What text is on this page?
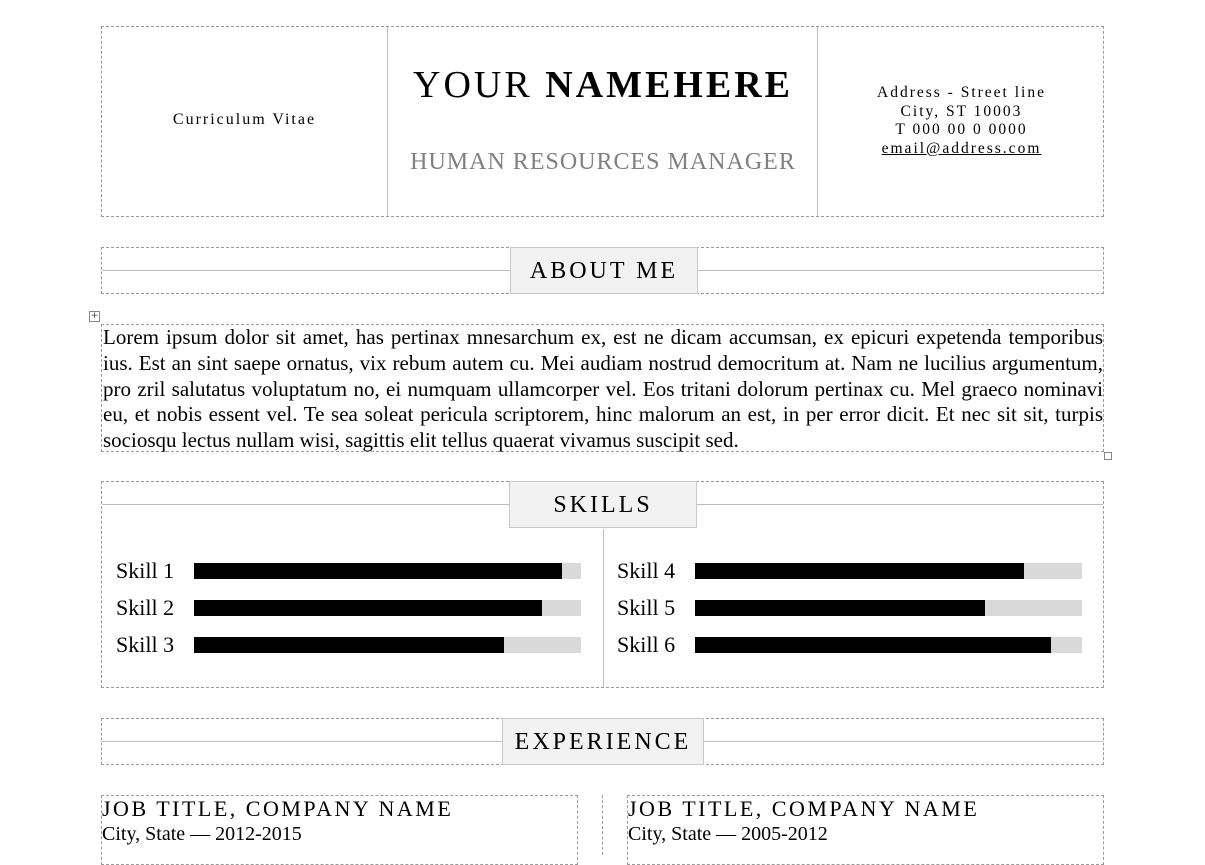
Curriculum Vitae
YOUR NAMEHERE
HUMAN RESOURCES MANAGER
Address - Street line
City, ST 10003
T 000 00 0 0000
email@address.com
ABOUT ME
+
Lorem ipsum dolor sit amet, has pertinax mnesarchum ex, est ne dicam accumsan, ex epicuri expetenda temporibus ius. Est an sint saepe ornatus, vix rebum autem cu. Mei audiam nostrud democritum at. Nam ne lucilius argumentum, pro zril salutatus voluptatum no, ei numquam ullamcorper vel. Eos tritani dolorum pertinax cu. Mel graeco nominavi eu, et nobis essent vel. Te sea soleat pericula scriptorem, hinc malorum an est, in per error dicit. Et nec sit sit, turpis sociosqu lectus nullam wisi, sagittis elit tellus quaerat vivamus suscipit sed.
SKILLS
Skill 1
Skill 2
Skill 3
Skill 4
Skill 5
Skill 6
EXPERIENCE
JOB TITLE, COMPANY NAME
City, State — 2012-2015
JOB TITLE, COMPANY NAME
City, State — 2005-2012
